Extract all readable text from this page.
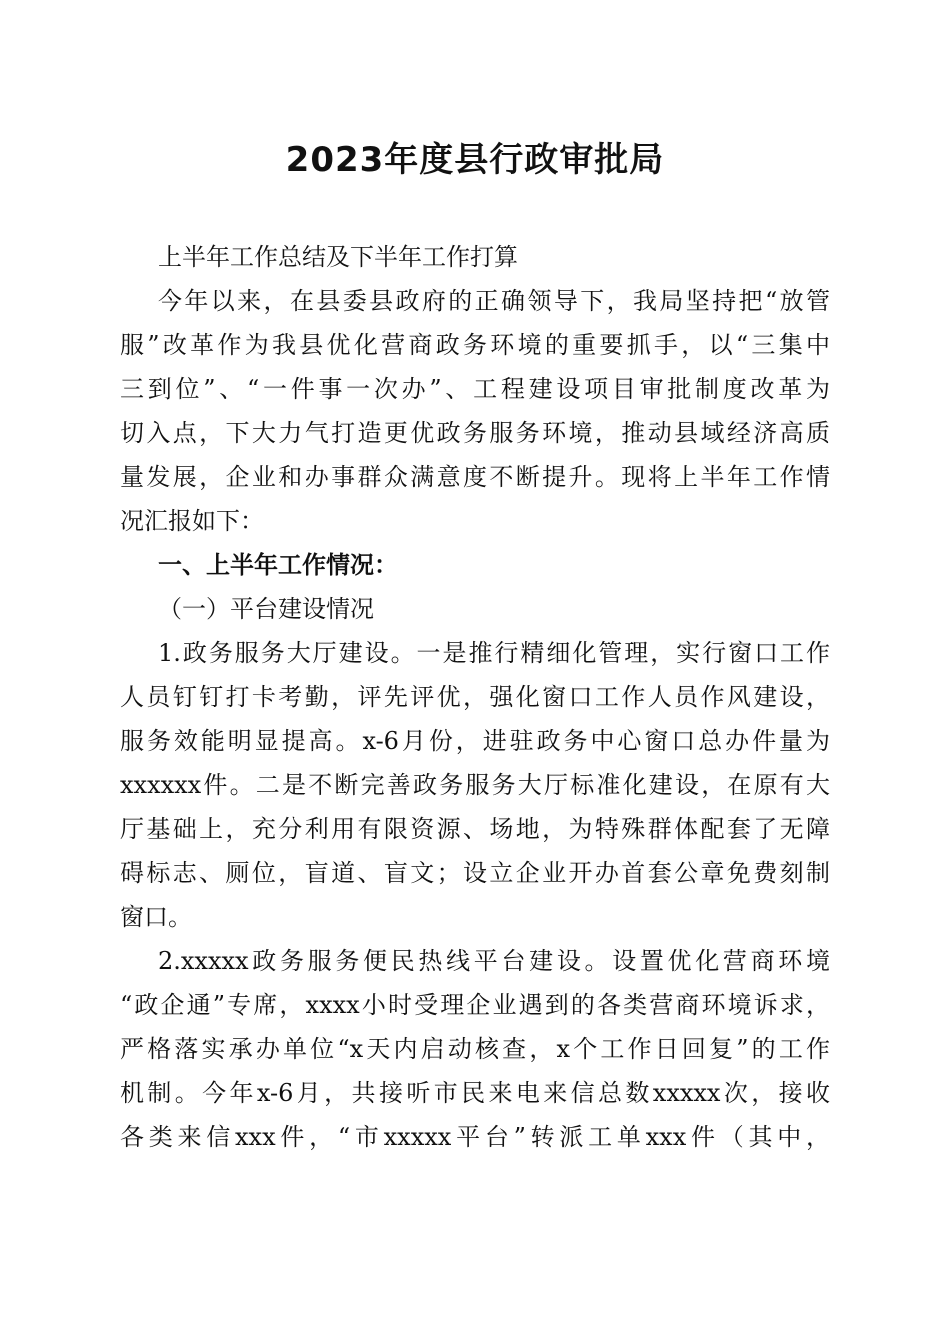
2023年度县行政审批局
上半年工作总结及下半年工作打算
今年以来，在县委县政府的正确领导下，我局坚持把“放管
服”改革作为我县优化营商政务环境的重要抓手，以“三集中
三到位”、“一件事一次办”、工程建设项目审批制度改革为
切入点，下大力气打造更优政务服务环境，推动县域经济高质
量发展，企业和办事群众满意度不断提升。现将上半年工作情
况汇报如下：
一、上半年工作情况：
（一）平台建设情况
1.政务服务大厅建设。一是推行精细化管理，实行窗口工作
人员钉钉打卡考勤，评先评优，强化窗口工作人员作风建设，
服务效能明显提高。x-6月份，进驻政务中心窗口总办件量为
xxxxxx件。二是不断完善政务服务大厅标准化建设，在原有大
厅基础上，充分利用有限资源、场地，为特殊群体配套了无障
碍标志、厕位，盲道、盲文；设立企业开办首套公章免费刻制
窗口。
2.xxxxx政务服务便民热线平台建设。设置优化营商环境
“政企通”专席，xxxx小时受理企业遇到的各类营商环境诉求，
严格落实承办单位“x天内启动核查，x个工作日回复”的工作
机制。今年x-6月，共接听市民来电来信总数xxxxx次，接收
各类来信xxx件，“市xxxxx平台”转派工单xxx件（其中，
